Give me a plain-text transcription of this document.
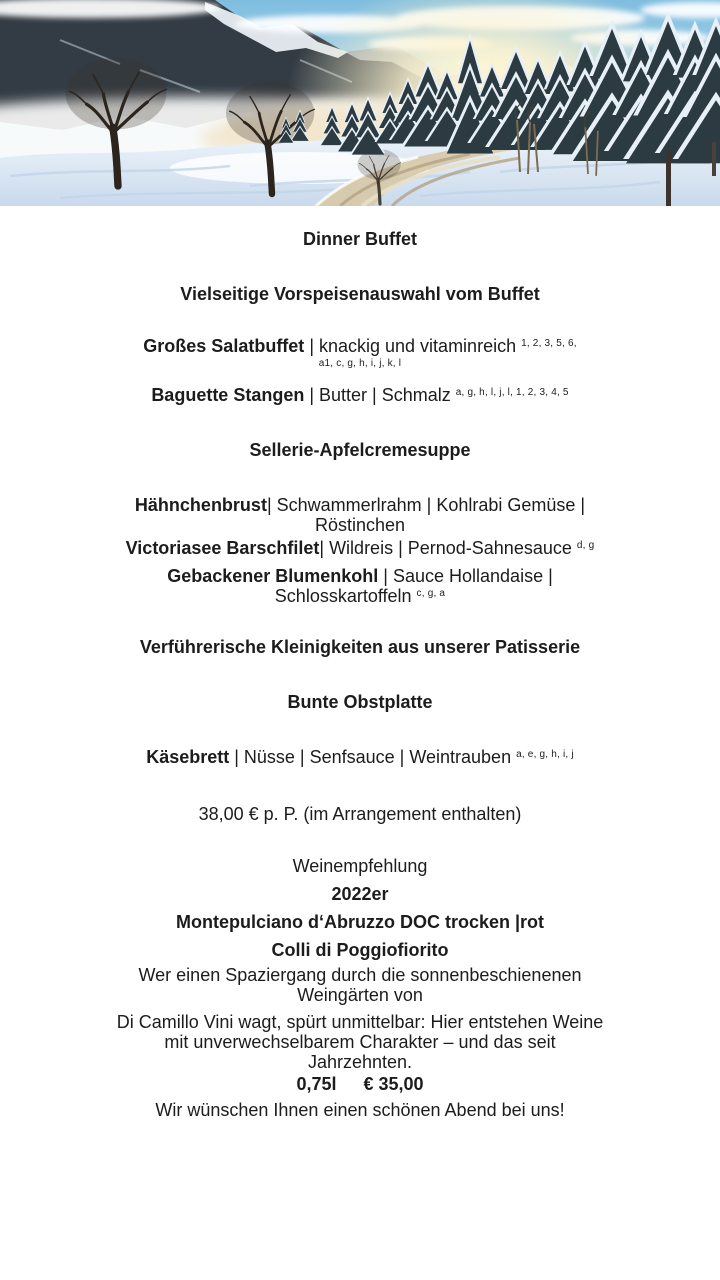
Dinner Buffet

Vielseitige Vorspeisenauswahl vom Buffet

Großes Salatbuffet | knackig und vitaminreich $^{1, 2, 3, 5, 6,}$
$^{a1, c, g, h, i, j, k, l}$

Baguette Stangen | Butter | Schmalz $^{a, g, h, l, j, l, 1, 2, 3, 4, 5}$

Sellerie-Apfelcremesuppe

Hähnchenbrust| Schwammerlrahm | Kohlrabi Gemüse | Röstinchen

Victoriasee Barschfilet| Wildreis | Pernod-Sahnesauce $^{d, g}$

Gebackener Blumenkohl | Sauce Hollandaise | Schlosskartoffeln $^{c, g, a}$

Verführerische Kleinigkeiten aus unserer Patisserie

Bunte Obstplatte

Käsebrett | Nüsse | Senfsauce | Weintrauben $^{a, e, g, h, i, j}$

38,00 € p. P. (im Arrangement enthalten)

Weinempfehlung

2022er

Montepulciano d‘Abruzzo DOC trocken |rot

Colli di Poggiofiorito

Wer einen Spaziergang durch die sonnenbeschienenen Weingärten von

Di Camillo Vini wagt, spürt unmittelbar: Hier entstehen Weine mit unverwechselbarem Charakter – und das seit Jahrzehnten.

0,75l € 35,00

Wir wünschen Ihnen einen schönen Abend bei uns!
